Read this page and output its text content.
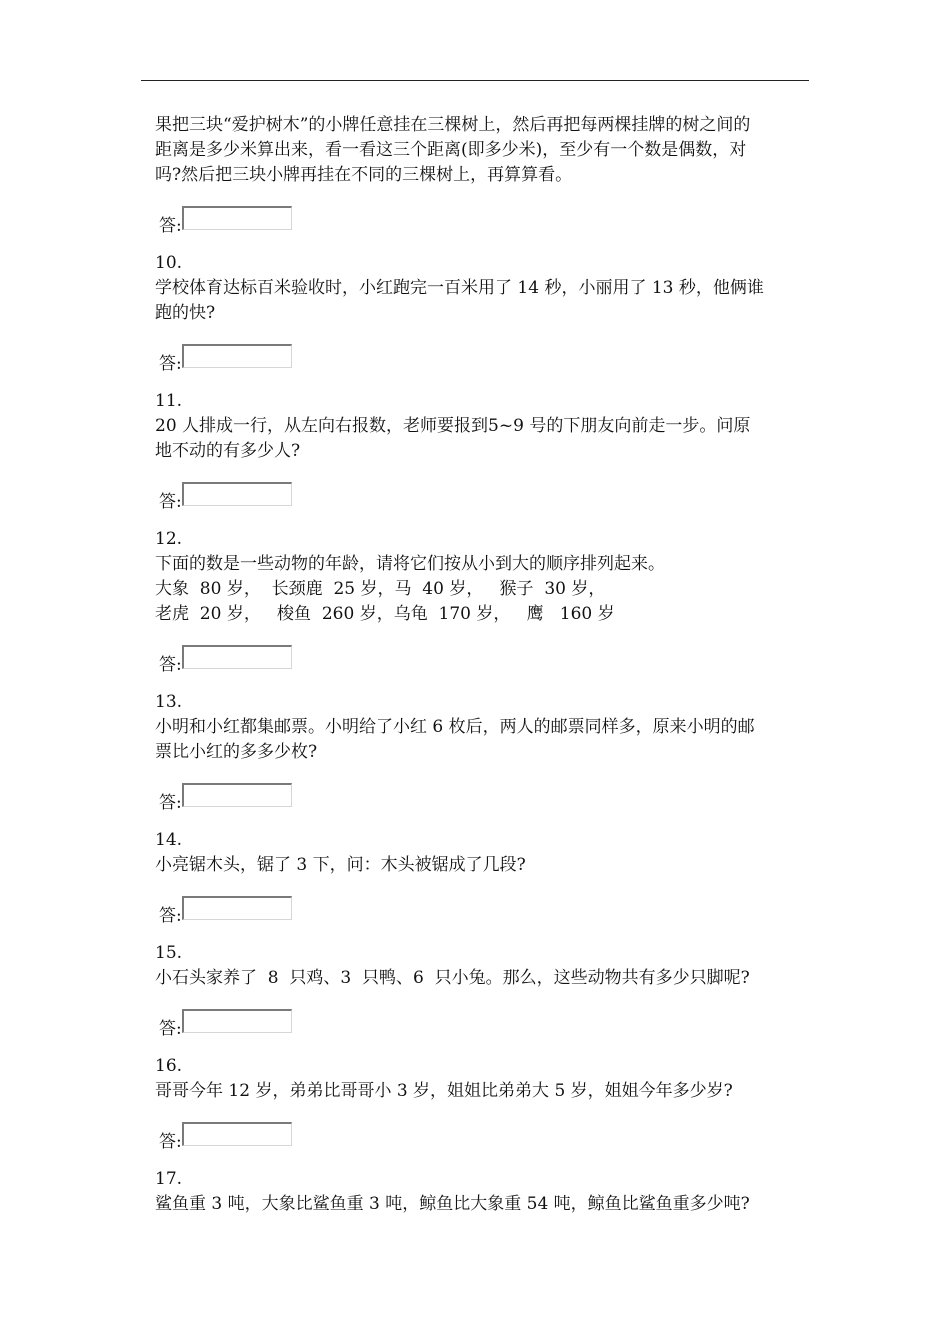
果把三块“爱护树木”的小牌任意挂在三棵树上，然后再把每两棵挂牌的树之间的
距离是多少米算出来，看一看这三个距离(即多少米)，至少有一个数是偶数，对
吗?然后把三块小牌再挂在不同的三棵树上，再算算看。
答:
10.
学校体育达标百米验收时，小红跑完一百米用了 14 秒，小丽用了 13 秒，他俩谁
跑的快?
答:
11.
20 人排成一行，从左向右报数，老师要报到5~9 号的下朋友向前走一步。问原
地不动的有多少人?
答:
12.
下面的数是一些动物的年龄，请将它们按从小到大的顺序排列起来。
大象  80 岁，  长颈鹿  25 岁，马  40 岁，   猴子  30 岁，
老虎  20 岁，   梭鱼  260 岁，乌龟  170 岁，   鹰   160 岁
答:
13.
小明和小红都集邮票。小明给了小红 6 枚后，两人的邮票同样多，原来小明的邮
票比小红的多多少枚?
答:
14.
小亮锯木头，锯了 3 下，问：木头被锯成了几段?
答:
15.
小石头家养了  8  只鸡、3  只鸭、6  只小兔。那么，这些动物共有多少只脚呢?
答:
16.
哥哥今年 12 岁，弟弟比哥哥小 3 岁，姐姐比弟弟大 5 岁，姐姐今年多少岁?
答:
17.
鲨鱼重 3 吨，大象比鲨鱼重 3 吨，鲸鱼比大象重 54 吨，鲸鱼比鲨鱼重多少吨?
